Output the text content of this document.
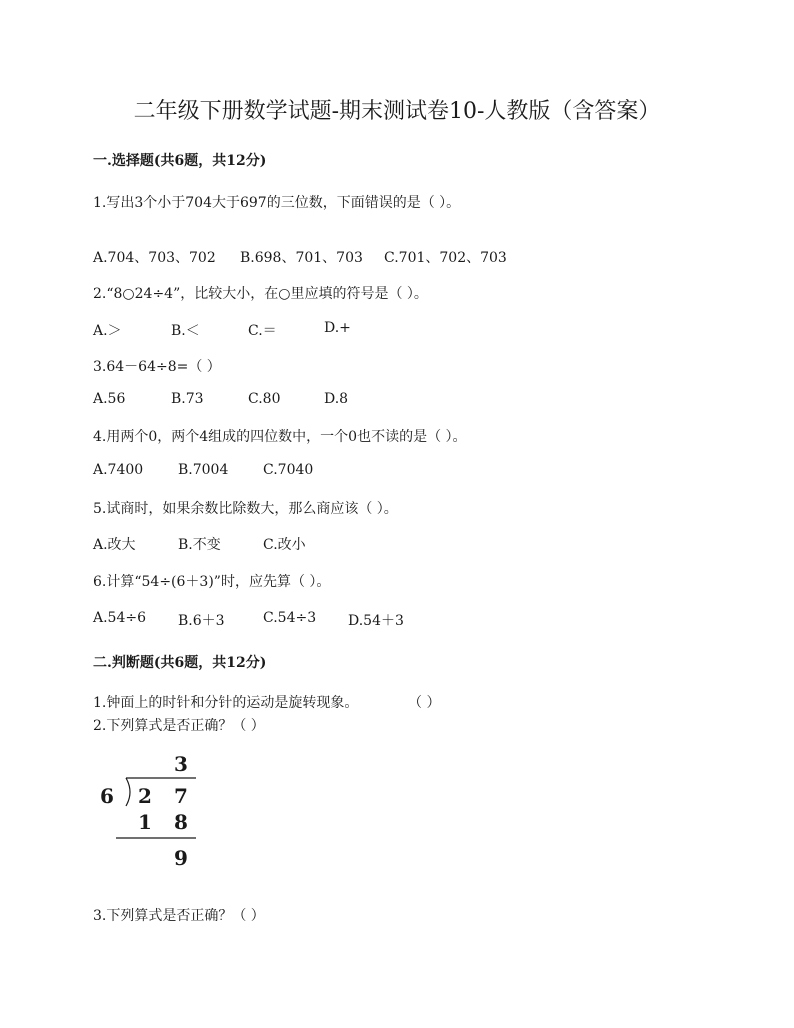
二年级下册数学试题-期末测试卷10-人教版（含答案）
一.选择题(共6题，共12分)
1.写出3个小于704大于697的三位数，下面错误的是（ ）。
A.704、703、702 B.698、701、703 C.701、702、703
2.“8○24÷4”，比较大小，在○里应填的符号是（ ）。
A.＞	B.＜	C.＝	D.+
3.64－64÷8=（ ）
A.56	B.73	C.80	D.8
4.用两个0，两个4组成的四位数中，一个0也不读的是（ ）。
A.7400 B.7004 C.7040
5.试商时，如果余数比除数大，那么商应该（ ）。
A.改大	B.不变	C.改小
6.计算“54÷(6＋3)”时，应先算（ ）。
A.54÷6 B.6＋3	C.54÷3 D.54＋3
二.判断题(共6题，共12分)
1.钟面上的时针和分针的运动是旋转现象。	（ ）
2.下列算式是否正确？（ ）
3
6 2 7
1 8
9
3.下列算式是否正确？（ ）
